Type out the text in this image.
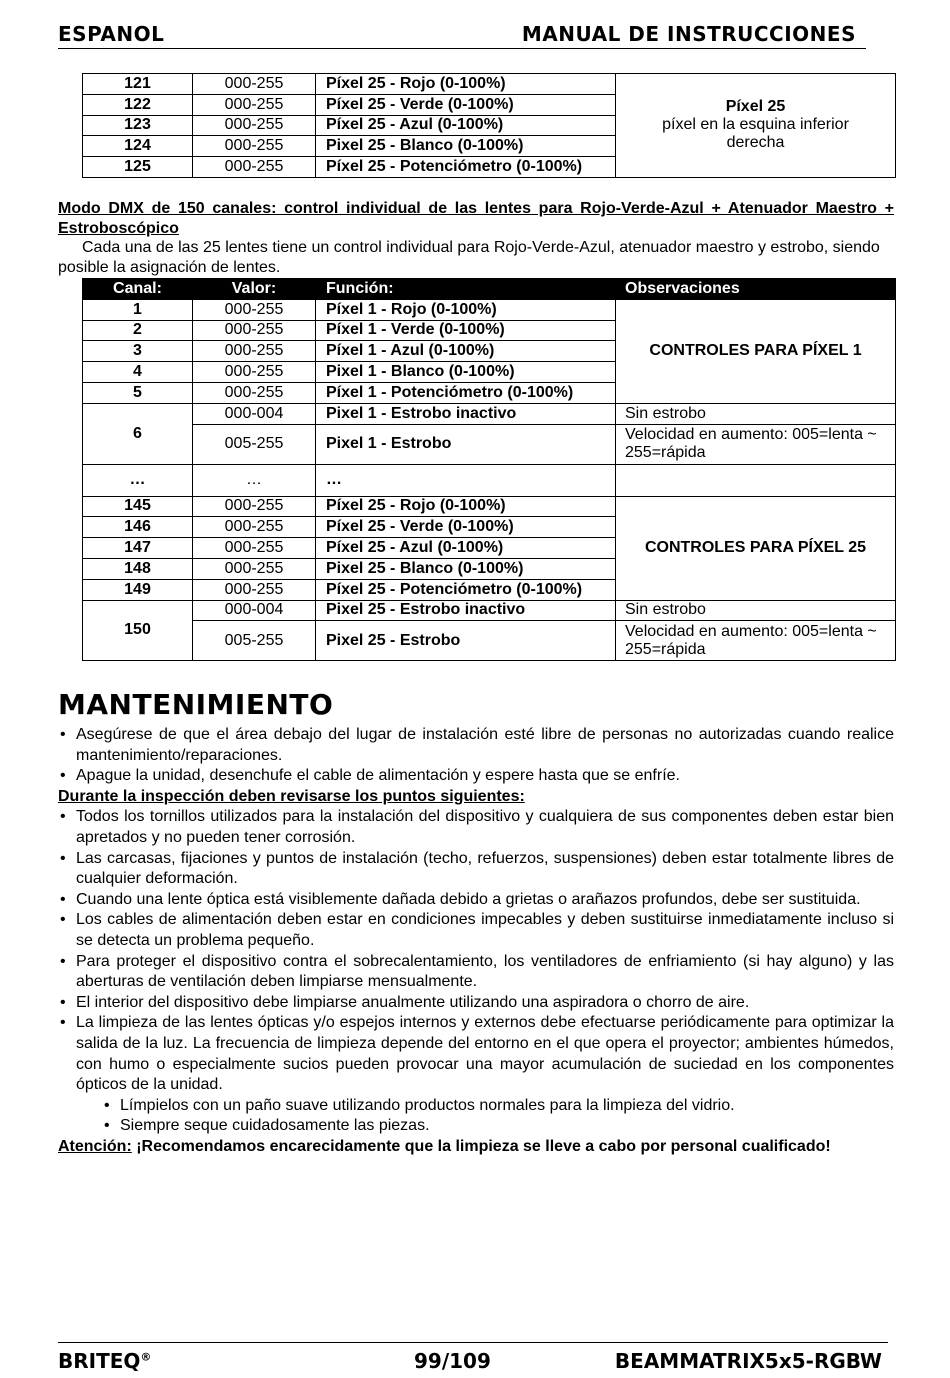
ESPANOL	MANUAL DE INSTRUCCIONES
121	000-255	Píxel 25 - Rojo (0-100%)	Píxel 25
píxel en la esquina inferior derecha

122	000-255	Píxel 25 - Verde (0-100%)	
123	000-255	Píxel 25 - Azul (0-100%)	
124	000-255	Pixel 25 - Blanco (0-100%)	
125	000-255	Píxel 25 - Potenciómetro (0-100%)	
Modo DMX de 150 canales: control individual de las lentes para Rojo-Verde-Azul + Atenuador Maestro + Estroboscópico
Cada una de las 25 lentes tiene un control individual para Rojo-Verde-Azul, atenuador maestro y estrobo, siendo posible la asignación de lentes.
Canal:	Valor:	Función:	Observaciones
1	000-255	Píxel 1 - Rojo (0-100%)	CONTROLES PARA PÍXEL 1
2	000-255	Píxel 1 - Verde (0-100%)	
3	000-255	Píxel 1 - Azul (0-100%)	
4	000-255	Pixel 1 - Blanco (0-100%)	
5	000-255	Píxel 1 - Potenciómetro (0-100%)	
6	000-004	Pixel 1 - Estrobo inactivo	Sin estrobo
	005-255	Pixel 1 - Estrobo	Velocidad en aumento: 005=lenta ~ 255=rápida
…	…	…	
145	000-255	Píxel 25 - Rojo (0-100%)	CONTROLES PARA PÍXEL 25
146	000-255	Píxel 25 - Verde (0-100%)	
147	000-255	Píxel 25 - Azul (0-100%)	
148	000-255	Pixel 25 - Blanco (0-100%)	
149	000-255	Píxel 25 - Potenciómetro (0-100%)	
150	000-004	Pixel 25 - Estrobo inactivo	Sin estrobo
	005-255	Pixel 25 - Estrobo	Velocidad en aumento: 005=lenta ~ 255=rápida
MANTENIMIENTO
• Asegúrese de que el área debajo del lugar de instalación esté libre de personas no autorizadas cuando realice mantenimiento/reparaciones.
• Apague la unidad, desenchufe el cable de alimentación y espere hasta que se enfríe.
Durante la inspección deben revisarse los puntos siguientes:
• Todos los tornillos utilizados para la instalación del dispositivo y cualquiera de sus componentes deben estar bien apretados y no pueden tener corrosión.
• Las carcasas, fijaciones y puntos de instalación (techo, refuerzos, suspensiones) deben estar totalmente libres de cualquier deformación.
• Cuando una lente óptica está visiblemente dañada debido a grietas o arañazos profundos, debe ser sustituida.
• Los cables de alimentación deben estar en condiciones impecables y deben sustituirse inmediatamente incluso si se detecta un problema pequeño.
• Para proteger el dispositivo contra el sobrecalentamiento, los ventiladores de enfriamiento (si hay alguno) y las aberturas de ventilación deben limpiarse mensualmente.
• El interior del dispositivo debe limpiarse anualmente utilizando una aspiradora o chorro de aire.
• La limpieza de las lentes ópticas y/o espejos internos y externos debe efectuarse periódicamente para optimizar la salida de la luz. La frecuencia de limpieza depende del entorno en el que opera el proyector; ambientes húmedos, con humo o especialmente sucios pueden provocar una mayor acumulación de suciedad en los componentes ópticos de la unidad.
• Límpielos con un paño suave utilizando productos normales para la limpieza del vidrio.
• Siempre seque cuidadosamente las piezas.
Atención: ¡Recomendamos encarecidamente que la limpieza se lleve a cabo por personal cualificado!
BRITEQ®	99/109	BEAMMATRIX5x5-RGBW
